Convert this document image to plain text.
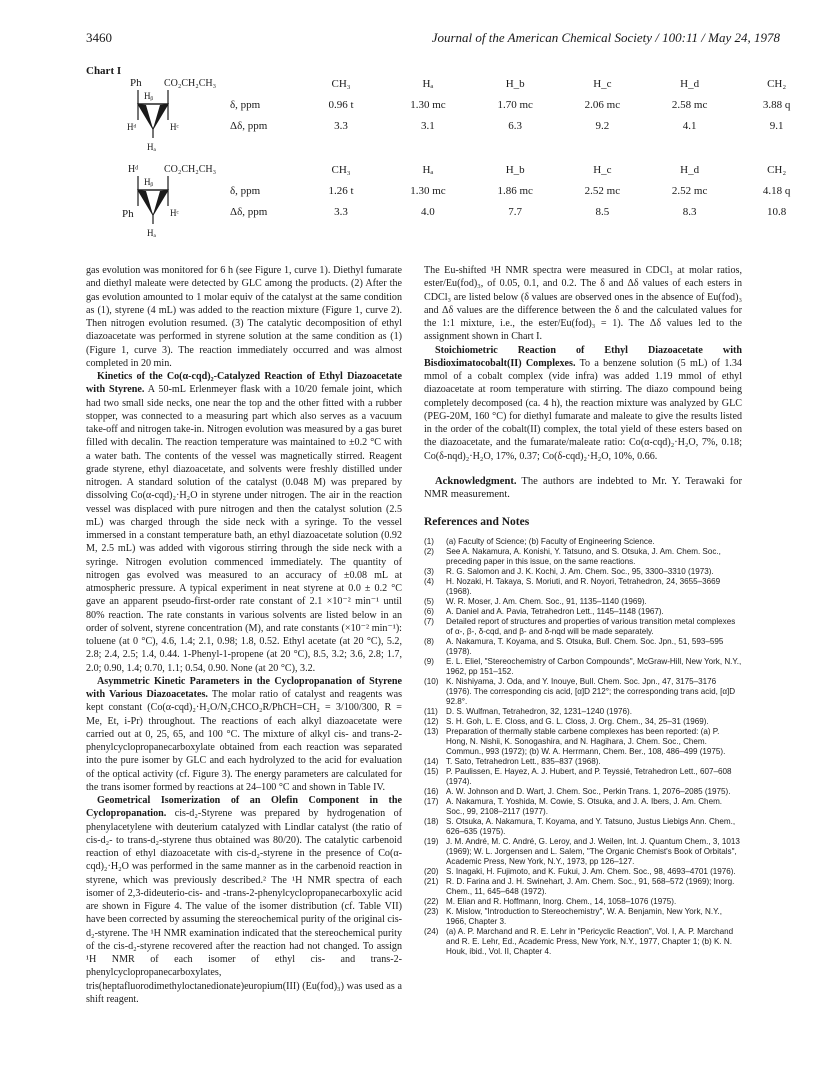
3460	Journal of the American Chemical Society / 100:11 / May 24, 1978
Chart I
Ph CO₂CH₂CH₃
Hᵦ
Hᵈ	Hᶜ
Hₐ
	CH₃	Hₐ	H_b	H_c	H_d	CH₂
δ, ppm	0.96 t	1.30 mc	1.70 mc	2.06 mc	2.58 mc	3.88 q
Δδ, ppm	3.3	3.1	6.3	9.2	4.1	9.1
Hᵈ	CO₂CH₂CH₃
Hᵦ
Ph	Hᶜ
Hₐ
	CH₃	Hₐ	H_b	H_c	H_d	CH₂
δ, ppm	1.26 t	1.30 mc	1.86 mc	2.52 mc	2.52 mc	4.18 q
Δδ, ppm	3.3	4.0	7.7	8.5	8.3	10.8

gas evolution was monitored for 6 h (see Figure 1, curve 1). Diethyl fumarate and diethyl maleate were detected by GLC among the products. (2) After the gas evolution amounted to 1 molar equiv of the catalyst at the same condition as (1), styrene (4 mL) was added to the reaction mixture (Figure 1, curve 2). Then nitrogen evolution resumed. (3) The catalytic decomposition of ethyl diazoacetate was performed in styrene solution at the same condition as (1) (Figure 1, curve 3). The reaction immediately occurred and was almost completed in 20 min.

Kinetics of the Co(α-cqd)₂-Catalyzed Reaction of Ethyl Diazoacetate with Styrene. A 50-mL Erlenmeyer flask with a 10/20 female joint, which had two small side necks, one near the top and the other fitted with a rubber stopper, was connected to a measuring part which also serves as a vacuum take-off and nitrogen take-in. Nitrogen evolution was measured by a gas buret filled with decalin. The reaction temperature was maintained to ±0.2 °C with a water bath. The contents of the vessel was magnetically stirred. Reagent grade styrene, ethyl diazoacetate, and solvents were freshly distilled under nitrogen. A standard solution of the catalyst (0.048 M) was prepared by dissolving Co(α-cqd)₂·H₂O in styrene under nitrogen. The air in the reaction vessel was displaced with pure nitrogen and then the catalyst solution (2.5 mL) was charged through the side neck with a syringe. To the vessel immersed in a constant temperature bath, an ethyl diazoacetate solution (0.92 M, 2.5 mL) was added with vigorous stirring through the side neck with a syringe. Nitrogen evolution commenced immediately. The quantity of nitrogen gas evolved was measured to an accuracy of ±0.08 mL at atmospheric pressure. A typical experiment in neat styrene at 0.0 ± 0.2 °C gave an apparent pseudo-first-order rate constant of 2.1 ×10⁻² min⁻¹ until 80% reaction. The rate constants in various solvents are listed below in an order of solvent, styrene concentration (M), and rate constants (×10⁻² min⁻¹): toluene (at 0 °C), 4.6, 1.4; 2.1, 0.98; 1.8, 0.52. Ethyl acetate (at 20 °C), 5.2, 2.8; 2.4, 2.5; 1.4, 0.44. 1-Phenyl-1-propene (at 20 °C), 8.5, 3.2; 3.6, 2.8; 1.7, 2.0; 0.90, 1.4; 0.70, 1.1; 0.54, 0.90. None (at 20 °C), 3.2.

Asymmetric Kinetic Parameters in the Cyclopropanation of Styrene with Various Diazoacetates. The molar ratio of catalyst and reagents was kept constant (Co(α-cqd)₂·H₂O/N₂CHCO₂R/PhCH=CH₂ = 3/100/300, R = Me, Et, i-Pr) throughout. The reactions of each alkyl diazoacetate were carried out at 0, 25, 65, and 100 °C. The mixture of alkyl cis- and trans-2-phenylcyclopropanecarboxylate obtained from each reaction was separated into the pure isomer by GLC and each hydrolyzed to the acid for evaluation of the optical activity (cf. Figure 3). The energy parameters are calculated for the trans isomer formed by reactions at 24–100 °C and shown in Table IV.

Geometrical Isomerization of an Olefin Component in the Cyclopropanation. cis-d₂-Styrene was prepared by hydrogenation of phenylacetylene with deuterium catalyzed with Lindlar catalyst (the ratio of cis-d₂- to trans-d₂-styrene thus obtained was 80/20). The catalytic carbenoid reaction of ethyl diazoacetate with cis-d₂-styrene in the presence of Co(α-cqd)₂·H₂O was performed in the same manner as in the carbenoid reaction in styrene, which was previously described.² The ¹H NMR spectra of each isomer of 2,3-dideuterio-cis- and -trans-2-phenylcyclopropanecarboxylic acid are shown in Figure 4. The value of the isomer distribution (cf. Table VII) have been corrected by assuming the stereochemical purity of the original cis-d₂-styrene. The ¹H NMR examination indicated that the stereochemical purity of the cis-d₂-styrene recovered after the reaction had not changed. To assign ¹H NMR of each isomer of ethyl cis- and trans-2-phenylcyclopropanecarboxylates, tris(heptafluorodimethyloctanedionate)europium(III) (Eu(fod)₃) was used as a shift reagent.

The Eu-shifted ¹H NMR spectra were measured in CDCl₃ at molar ratios, ester/Eu(fod)₃, of 0.05, 0.1, and 0.2. The δ and Δδ values of each esters in CDCl₃ are listed below (δ values are observed ones in the absence of Eu(fod)₃ and Δδ values are the difference between the δ and the calculated values for the 1:1 mixture, i.e., the ester/Eu(fod)₃ = 1). The Δδ values led to the assignment shown in Chart I.

Stoichiometric Reaction of Ethyl Diazoacetate with Bisdioximatocobalt(II) Complexes. To a benzene solution (5 mL) of 1.34 mmol of a cobalt complex (vide infra) was added 1.19 mmol of ethyl diazoacetate at room temperature with stirring. The diazo compound being completely decomposed (ca. 4 h), the reaction mixture was analyzed by GLC (PEG-20M, 160 °C) for diethyl fumarate and maleate to give the results listed in the order of the cobalt(II) complex, the total yield of these esters based on the diazoacetate, and the fumarate/maleate ratio: Co(α-cqd)₂·H₂O, 7%, 0.18; Co(δ-nqd)₂·H₂O, 17%, 0.37; Co(δ-cqd)₂·H₂O, 10%, 0.66.

Acknowledgment. The authors are indebted to Mr. Y. Terawaki for NMR measurement.

References and Notes
(1)	(a) Faculty of Science; (b) Faculty of Engineering Science.
(2)	See A. Nakamura, A. Konishi, Y. Tatsuno, and S. Otsuka, J. Am. Chem. Soc., preceding paper in this issue, on the same reactions.
(3)	R. G. Salomon and J. K. Kochi, J. Am. Chem. Soc., 95, 3300–3310 (1973).
(4)	H. Nozaki, H. Takaya, S. Moriuti, and R. Noyori, Tetrahedron, 24, 3655–3669 (1968).
(5)	W. R. Moser, J. Am. Chem. Soc., 91, 1135–1140 (1969).
(6)	A. Daniel and A. Pavia, Tetrahedron Lett., 1145–1148 (1967).
(7)	Detailed report of structures and properties of various transition metal complexes of α-, β-, δ-cqd, and β- and δ-nqd will be made separately.
(8)	A. Nakamura, T. Koyama, and S. Otsuka, Bull. Chem. Soc. Jpn., 51, 593–595 (1978).
(9)	E. L. Eliel, "Stereochemistry of Carbon Compounds", McGraw-Hill, New York, N.Y., 1962, pp 151–152.
(10) K. Nishiyama, J. Oda, and Y. Inouye, Bull. Chem. Soc. Jpn., 47, 3175–3176 (1976). The corresponding cis acid, [α]D 212°; the corresponding trans acid, [α]D 92.8°.
(11)	D. S. Wulfman, Tetrahedron, 32, 1231–1240 (1976).
(12) S. H. Goh, L. E. Closs, and G. L. Closs, J. Org. Chem., 34, 25–31 (1969).
(13) Preparation of thermally stable carbene complexes has been reported: (a) P. Hong, N. Nishii, K. Sonogashira, and N. Hagihara, J. Chem. Soc., Chem. Commun., 993 (1972); (b) W. A. Herrmann, Chem. Ber., 108, 486–499 (1975).
(14) T. Sato, Tetrahedron Lett., 835–837 (1968).
(15) P. Paulissen, E. Hayez, A. J. Hubert, and P. Teyssié, Tetrahedron Lett., 607–608 (1974).
(16) A. W. Johnson and D. Wart, J. Chem. Soc., Perkin Trans. 1, 2076–2085 (1975).
(17) A. Nakamura, T. Yoshida, M. Cowie, S. Otsuka, and J. A. Ibers, J. Am. Chem. Soc., 99, 2108–2117 (1977).
(18) S. Otsuka, A. Nakamura, T. Koyama, and Y. Tatsuno, Justus Liebigs Ann. Chem., 626–635 (1975).
(19) J. M. André, M. C. André, G. Leroy, and J. Weilen, Int. J. Quantum Chem., 3, 1013 (1969); W. L. Jorgensen and L. Salem, "The Organic Chemist's Book of Orbitals", Academic Press, New York, N.Y., 1973, pp 126–127.
(20) S. Inagaki, H. Fujimoto, and K. Fukui, J. Am. Chem. Soc., 98, 4693–4701 (1976).
(21) R. D. Farina and J. H. Swinehart, J. Am. Chem. Soc., 91, 568–572 (1969); Inorg. Chem., 11, 645–648 (1972).
(22) M. Elian and R. Hoffmann, Inorg. Chem., 14, 1058–1076 (1975).
(23) K. Mislow, "Introduction to Stereochemistry", W. A. Benjamin, New York, N.Y., 1966, Chapter 3.
(24) (a) A. P. Marchand and R. E. Lehr in "Pericyclic Reaction", Vol. I, A. P. Marchand and R. E. Lehr, Ed., Academic Press, New York, N.Y., 1977, Chapter 1; (b) K. N. Houk, ibid., Vol. II, Chapter 4.
